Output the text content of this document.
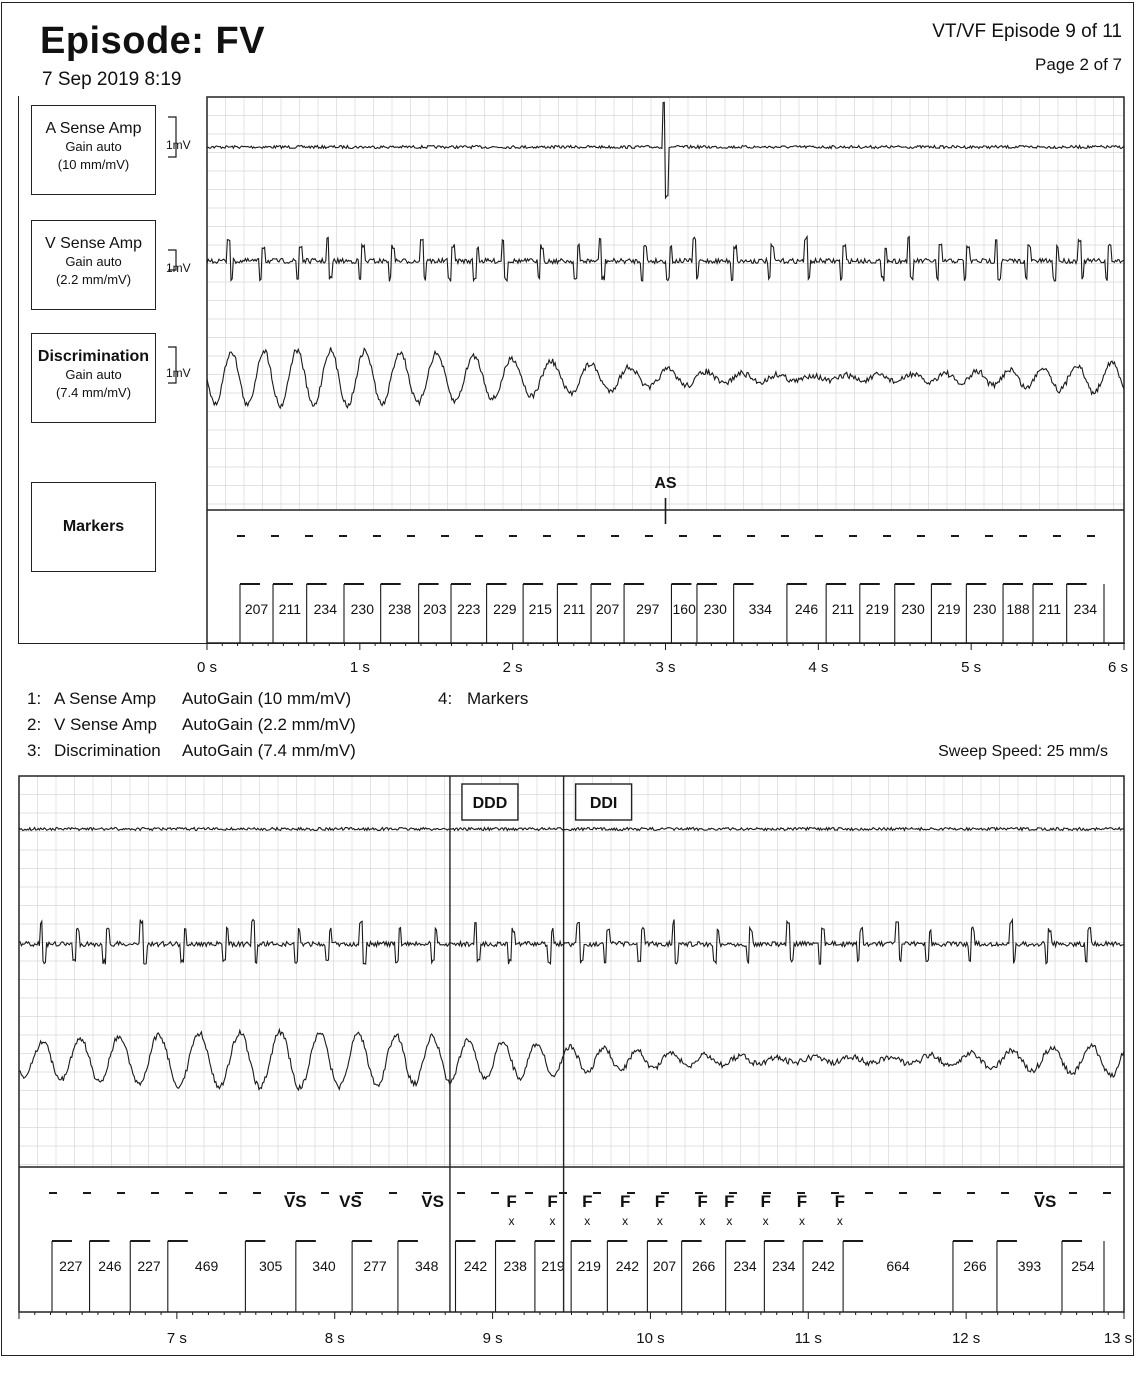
Episode: FV
7 Sep 2019 8:19
VT/VF Episode 9 of 11
Page 2 of 7
A Sense Amp
Gain auto
(10 mm/mV)
V Sense Amp
Gain auto
(2.2 mm/mV)
Discrimination
Gain auto
(7.4 mm/mV)
Markers
1: A Sense Amp AutoGain (10 mm/mV)
2: V Sense Amp AutoGain (2.2 mm/mV)
3: Discrimination AutoGain (7.4 mm/mV)
4: Markers
Sweep Speed: 25 mm/s
1mV
1mV
1mV
207 211 234 230 238 203 223 229 215 211 207 297 160 230 334 246 211 219 230 219 230 188 211 234
0 s	1 s	2 s	3 s	4 s	5 s	6 s
AS
227 246 227 469	305 340 277 348 242 238 219 219 242 207 266 234 234 242	664	266 393 254
7 s	8 s	9 s	10 s	11 s	12 s	13 s
DDD	DDI
VS VS	VS	F
x
F
x
F
x
F
x
F
x
F
x
F
x
F
x
F
x
F
x
VS
